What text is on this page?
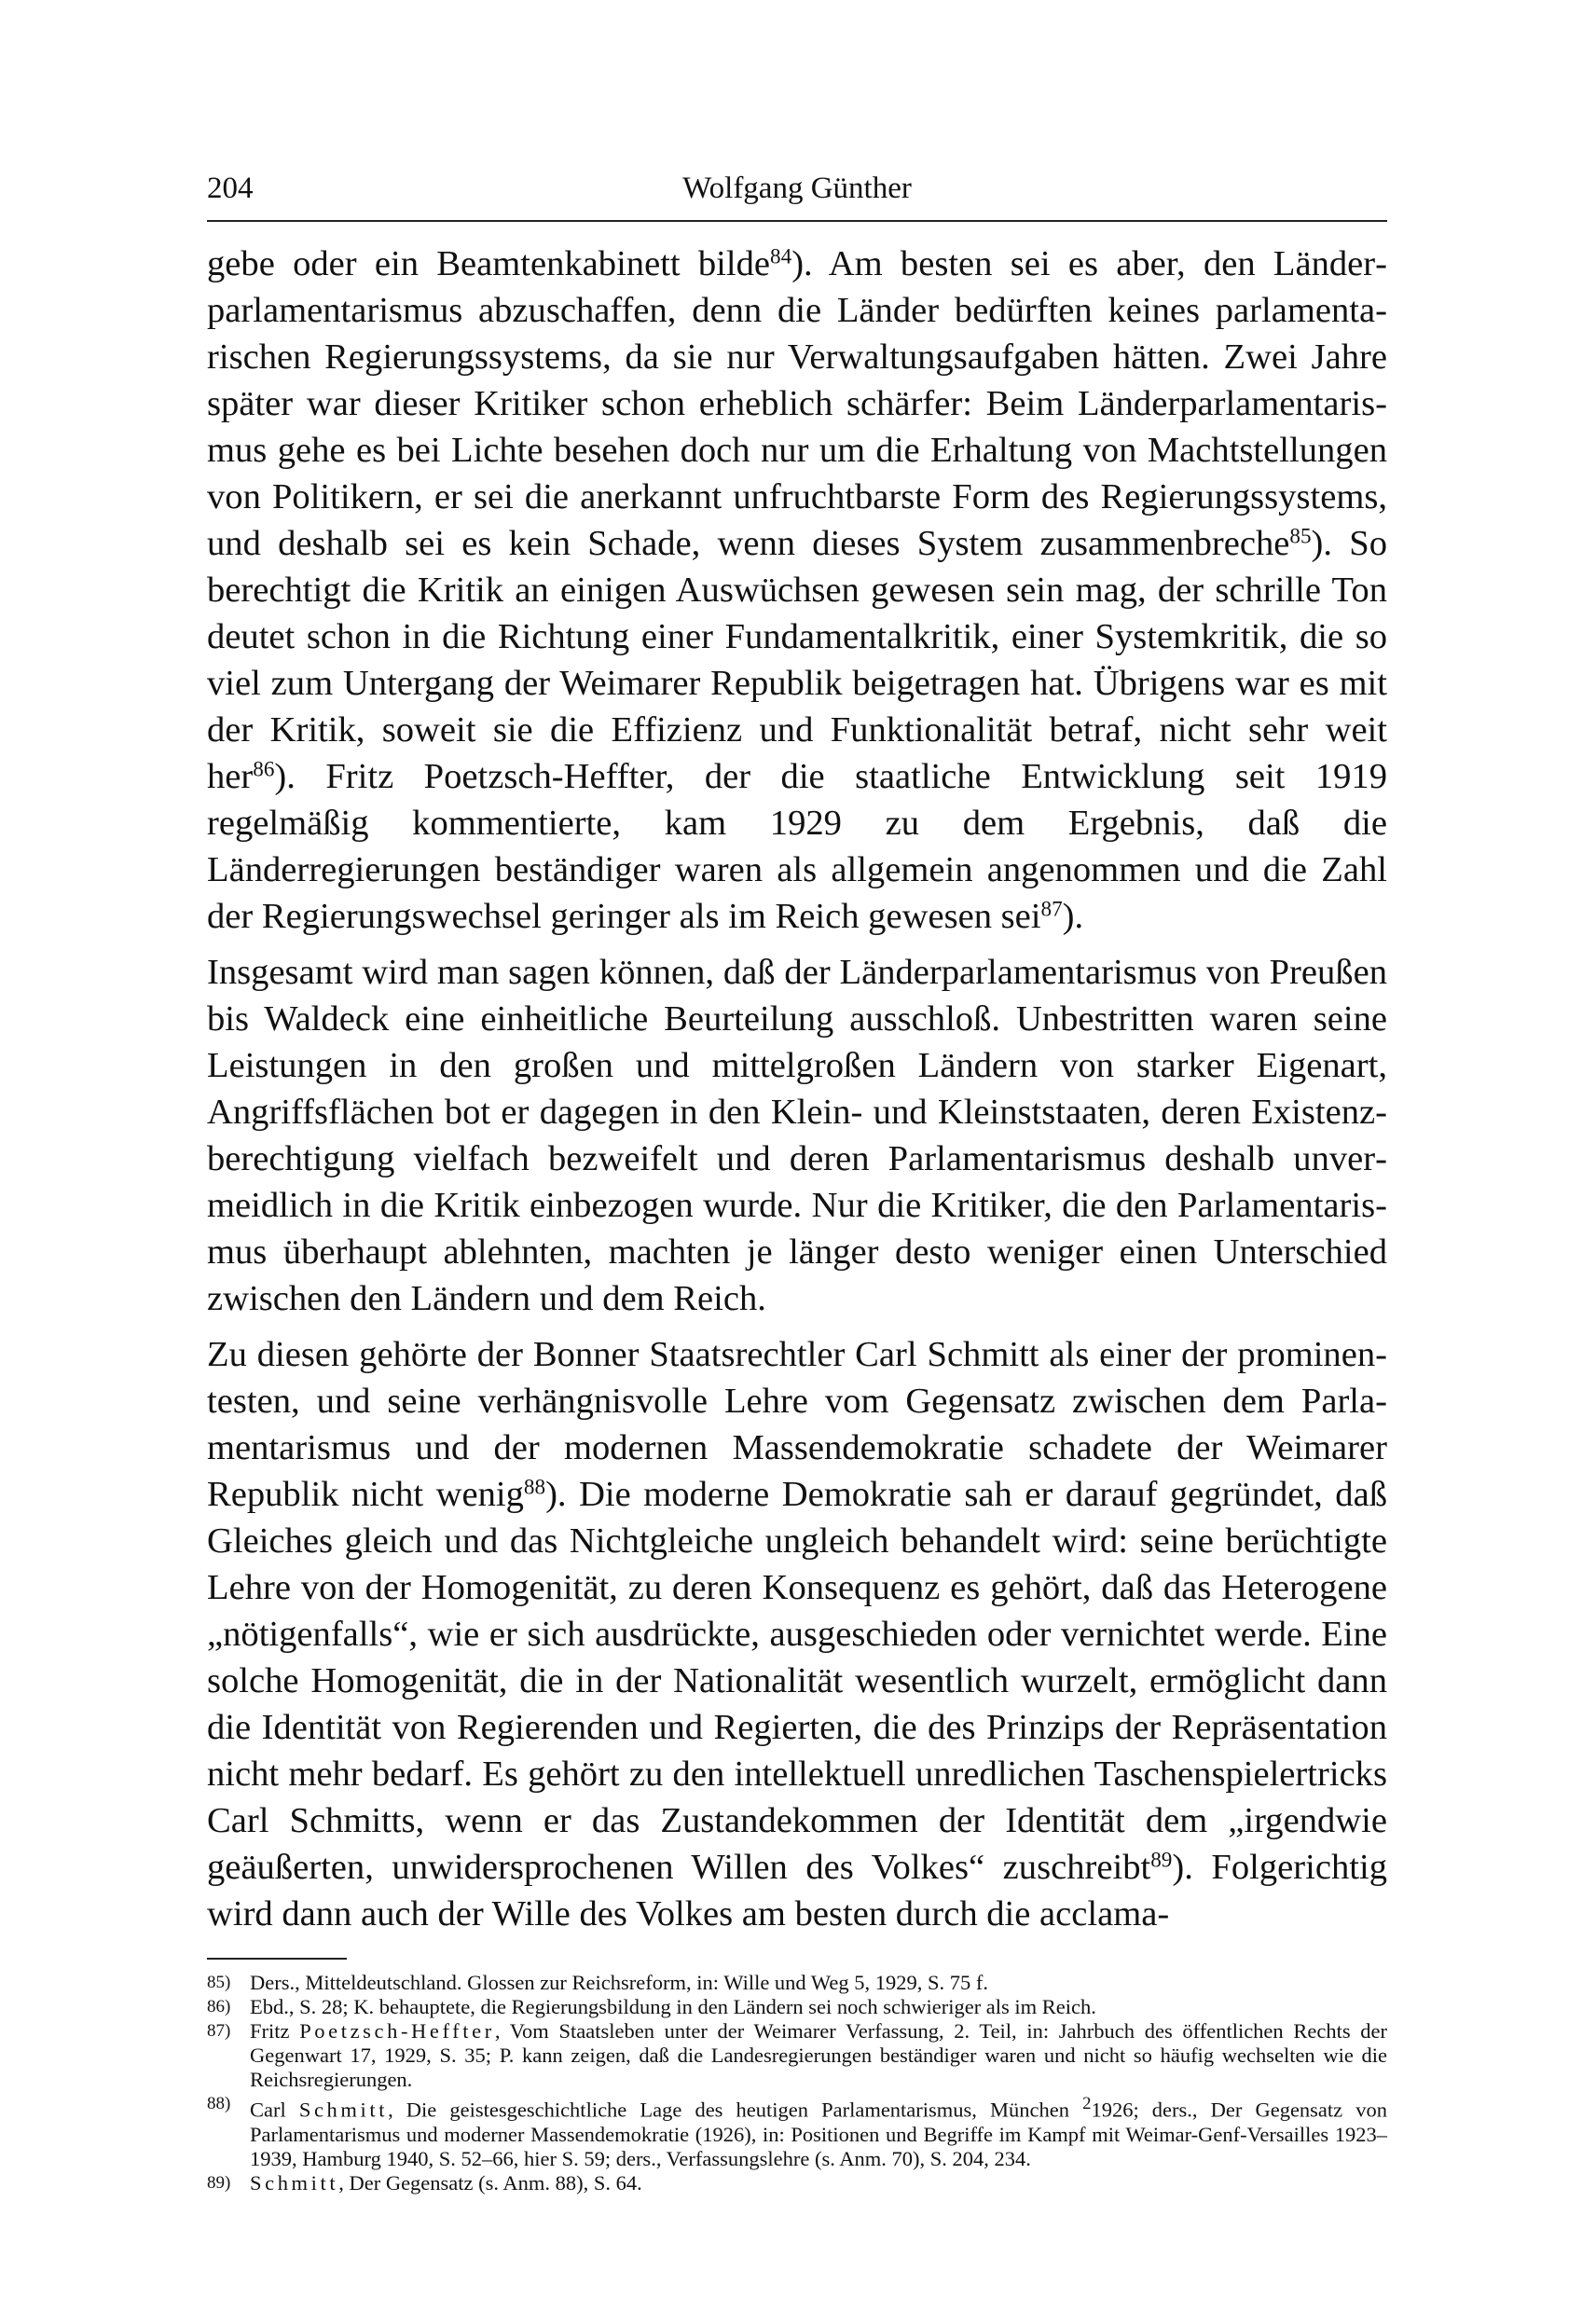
204	Wolfgang Günther

gebe oder ein Beamtenkabinett bilde$^{84}$). Am besten sei es aber, den Länderparlamentarismus abzuschaffen, denn die Länder bedürften keines parlamentarischen Regierungssystems, da sie nur Verwaltungsaufgaben hätten. Zwei Jahre später war dieser Kritiker schon erheblich schärfer: Beim Länderparlamentarismus gehe es bei Lichte besehen doch nur um die Erhaltung von Machtstellungen von Politikern, er sei die anerkannt unfruchtbarste Form des Regierungssystems, und deshalb sei es kein Schade, wenn dieses System zusammenbreche$^{85}$). So berechtigt die Kritik an einigen Auswüchsen gewesen sein mag, der schrille Ton deutet schon in die Richtung einer Fundamentalkritik, einer Systemkritik, die so viel zum Untergang der Weimarer Republik beigetragen hat. Übrigens war es mit der Kritik, soweit sie die Effizienz und Funktionalität betraf, nicht sehr weit her$^{86}$). Fritz Poetzsch-Heffter, der die staatliche Entwicklung seit 1919 regelmäßig kommentierte, kam 1929 zu dem Ergebnis, daß die Länderregierungen beständiger waren als allgemein angenommen und die Zahl der Regierungswechsel geringer als im Reich gewesen sei$^{87}$).

Insgesamt wird man sagen können, daß der Länderparlamentarismus von Preußen bis Waldeck eine einheitliche Beurteilung ausschloß. Unbestritten waren seine Leistungen in den großen und mittelgroßen Ländern von starker Eigenart, Angriffsflächen bot er dagegen in den Klein- und Kleinststaaten, deren Existenzberechtigung vielfach bezweifelt und deren Parlamentarismus deshalb unvermeidlich in die Kritik einbezogen wurde. Nur die Kritiker, die den Parlamentarismus überhaupt ablehnten, machten je länger desto weniger einen Unterschied zwischen den Ländern und dem Reich.

Zu diesen gehörte der Bonner Staatsrechtler Carl Schmitt als einer der prominentesten, und seine verhängnisvolle Lehre vom Gegensatz zwischen dem Parlamentarismus und der modernen Massendemokratie schadete der Weimarer Republik nicht wenig$^{88}$). Die moderne Demokratie sah er darauf gegründet, daß Gleiches gleich und das Nichtgleiche ungleich behandelt wird: seine berüchtigte Lehre von der Homogenität, zu deren Konsequenz es gehört, daß das Heterogene „nötigenfalls“, wie er sich ausdrückte, ausgeschieden oder vernichtet werde. Eine solche Homogenität, die in der Nationalität wesentlich wurzelt, ermöglicht dann die Identität von Regierenden und Regierten, die des Prinzips der Repräsentation nicht mehr bedarf. Es gehört zu den intellektuell unredlichen Taschenspielertricks Carl Schmitts, wenn er das Zustandekommen der Identität dem „irgendwie geäußerten, unwidersprochenen Willen des Volkes“ zuschreibt$^{89}$). Folgerichtig wird dann auch der Wille des Volkes am besten durch die acclama-

85) Ders., Mitteldeutschland. Glossen zur Reichsreform, in: Wille und Weg 5, 1929, S. 75 f.
86) Ebd., S. 28; K. behauptete, die Regierungsbildung in den Ländern sei noch schwieriger als im Reich.
87) Fritz Poetzsch-Heffter, Vom Staatsleben unter der Weimarer Verfassung, 2. Teil, in: Jahrbuch des öffentlichen Rechts der Gegenwart 17, 1929, S. 35; P. kann zeigen, daß die Landesregierungen beständiger waren und nicht so häufig wechselten wie die Reichsregierungen.
88) Carl Schmitt, Die geistesgeschichtliche Lage des heutigen Parlamentarismus, München $^2$1926; ders., Der Gegensatz von Parlamentarismus und moderner Massendemokratie (1926), in: Positionen und Begriffe im Kampf mit Weimar-Genf-Versailles 1923–1939, Hamburg 1940, S. 52–66, hier S. 59; ders., Verfassungslehre (s. Anm. 70), S. 204, 234.
89) Schmitt, Der Gegensatz (s. Anm. 88), S. 64.
